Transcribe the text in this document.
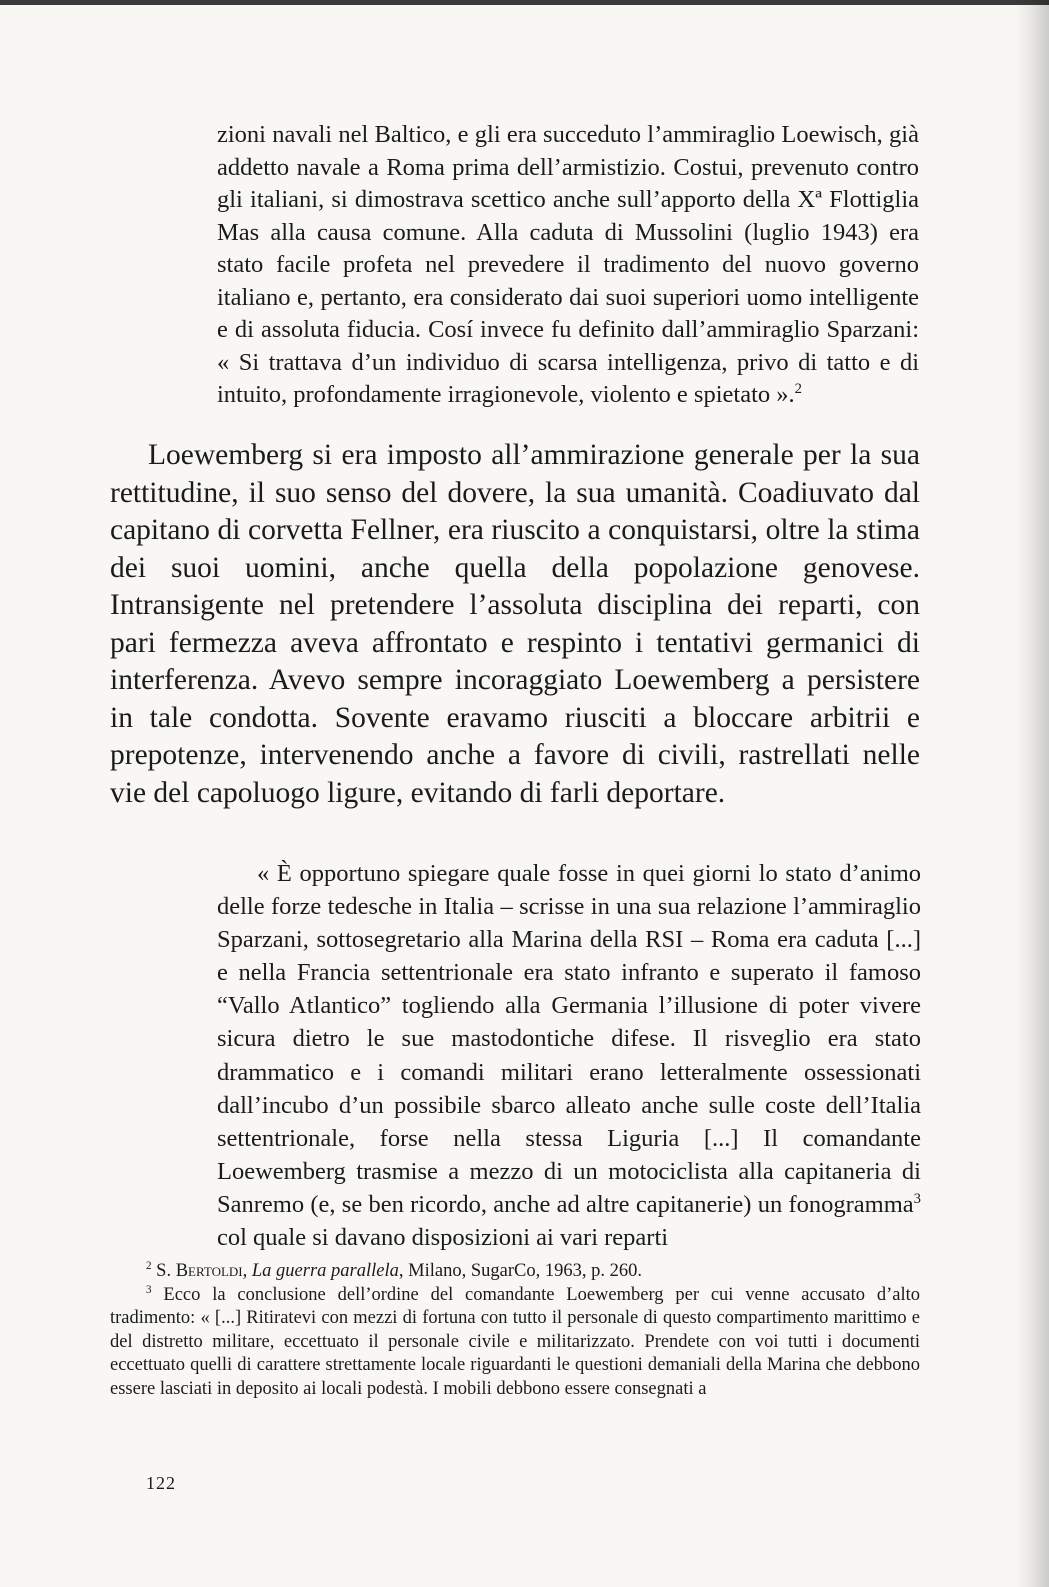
zioni navali nel Baltico, e gli era succeduto l’ammiraglio Loewisch, già addetto navale a Roma prima dell’armistizio. Costui, prevenuto contro gli italiani, si dimostrava scettico anche sull’apporto della Xª Flottiglia Mas alla causa comune. Alla caduta di Mussolini (luglio 1943) era stato facile profeta nel prevedere il tradimento del nuovo governo italiano e, pertanto, era considerato dai suoi superiori uomo intelligente e di assoluta fiducia. Cosí invece fu definito dall’ammiraglio Sparzani: « Si trattava d’un individuo di scarsa intelligenza, privo di tatto e di intuito, profondamente irragionevole, violento e spietato ».$^2$

Loewemberg si era imposto all’ammirazione generale per la sua rettitudine, il suo senso del dovere, la sua umanità. Coadiuvato dal capitano di corvetta Fellner, era riuscito a conquistarsi, oltre la stima dei suoi uomini, anche quella della popolazione genovese. Intransigente nel pretendere l’assoluta disciplina dei reparti, con pari fermezza aveva affrontato e respinto i tentativi germanici di interferenza. Avevo sempre incoraggiato Loewemberg a persistere in tale condotta. Sovente eravamo riusciti a bloccare arbitrii e prepotenze, intervenendo anche a favore di civili, rastrellati nelle vie del capoluogo ligure, evitando di farli deportare.

« È opportuno spiegare quale fosse in quei giorni lo stato d’animo delle forze tedesche in Italia – scrisse in una sua relazione l’ammiraglio Sparzani, sottosegretario alla Marina della RSI – Roma era caduta [...] e nella Francia settentrionale era stato infranto e superato il famoso “Vallo Atlantico” togliendo alla Germania l’illusione di poter vivere sicura dietro le sue mastodontiche difese. Il risveglio era stato drammatico e i comandi militari erano letteralmente ossessionati dall’incubo d’un possibile sbarco alleato anche sulle coste dell’Italia settentrionale, forse nella stessa Liguria [...] Il comandante Loewemberg trasmise a mezzo di un motociclista alla capitaneria di Sanremo (e, se ben ricordo, anche ad altre capitanerie) un fonogramma$^3$ col quale si davano disposizioni ai vari reparti

$^2$ S. Bertoldi, La guerra parallela, Milano, SugarCo, 1963, p. 260.

$^3$ Ecco la conclusione dell’ordine del comandante Loewemberg per cui venne accusato d’alto tradimento: « [...] Ritiratevi con mezzi di fortuna con tutto il personale di questo compartimento marittimo e del distretto militare, eccettuato il personale civile e militarizzato. Prendete con voi tutti i documenti eccettuato quelli di carattere strettamente locale riguardanti le questioni demaniali della Marina che debbono essere lasciati in deposito ai locali podestà. I mobili debbono essere consegnati a

122
